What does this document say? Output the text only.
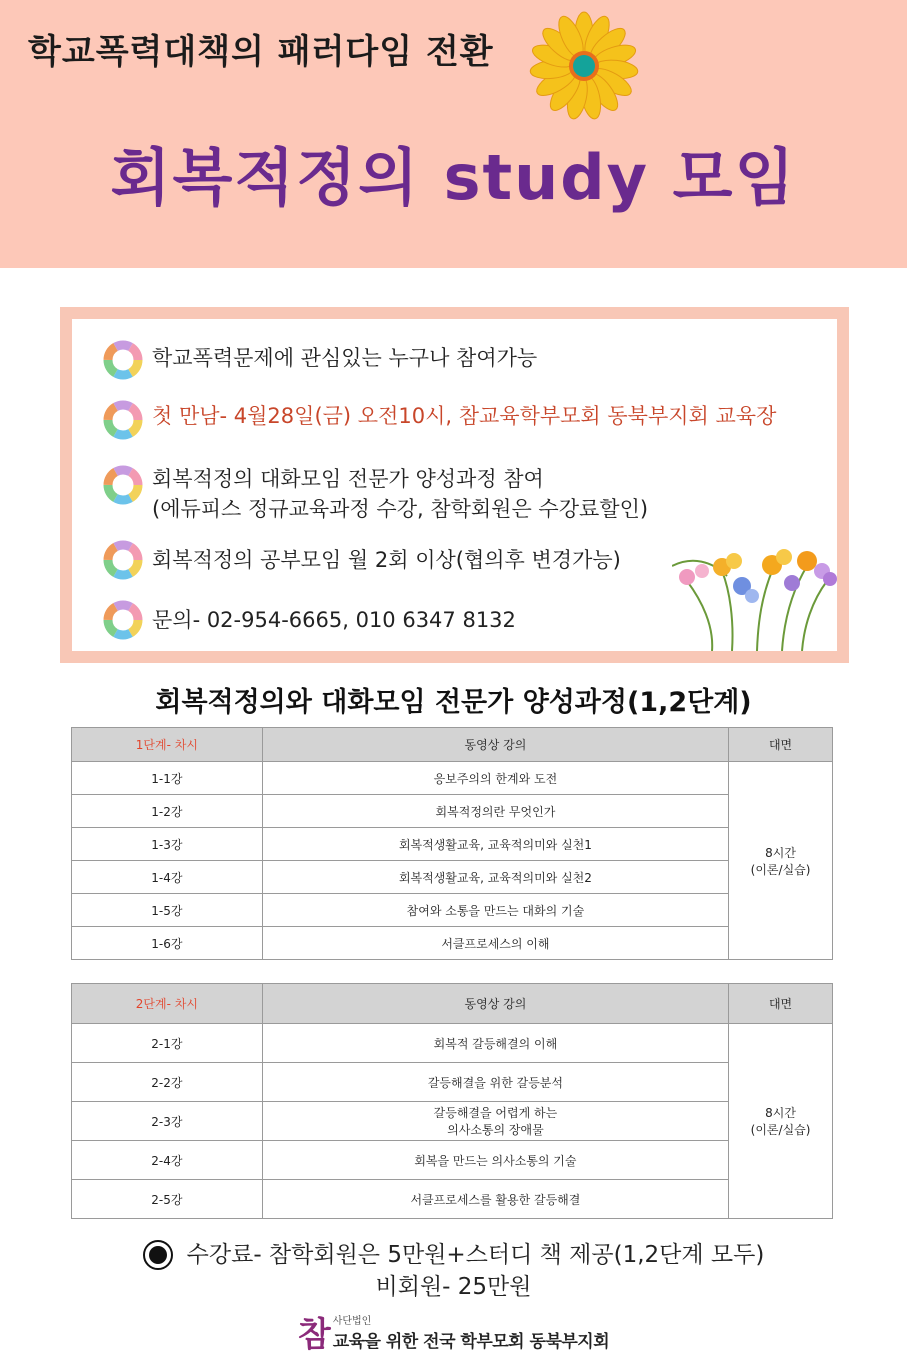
학교폭력대책의 패러다임 전환
회복적정의 study 모임
학교폭력문제에 관심있는 누구나 참여가능
첫 만남- 4월28일(금) 오전10시, 참교육학부모회 동북부지회 교육장
회복적정의 대화모임 전문가 양성과정 참여
(에듀피스 정규교육과정 수강, 참학회원은 수강료할인)
회복적정의 공부모임 월 2회 이상(협의후 변경가능)
문의- 02-954-6665, 010 6347 8132
회복적정의와 대화모임 전문가 양성과정(1,2단계)
1단계- 차시	동영상 강의	대면
1-1강	응보주의의 한계와 도전	8시간
(이론/실습)

1-2강	회복적정의란 무엇인가	
1-3강	회복적생활교육, 교육적의미와 실천1	
1-4강	회복적생활교육, 교육적의미와 실천2	
1-5강	참여와 소통을 만드는 대화의 기술	
1-6강	서클프로세스의 이해	
2단계- 차시	동영상 강의	대면
2-1강	회복적 갈등해결의 이해	8시간
(이론/실습)

2-2강	갈등해결을 위한 갈등분석	
2-3강	갈등해결을 어렵게 하는
의사소통의 장애물	

2-4강	회복을 만드는 의사소통의 기술	
2-5강	서클프로세스를 활용한 갈등해결	
수강료- 참학회원은 5만원+스터디 책 제공(1,2단계 모두)
비회원- 25만원
참 사단법인
교육을 위한 전국 학부모회 동북부지회
